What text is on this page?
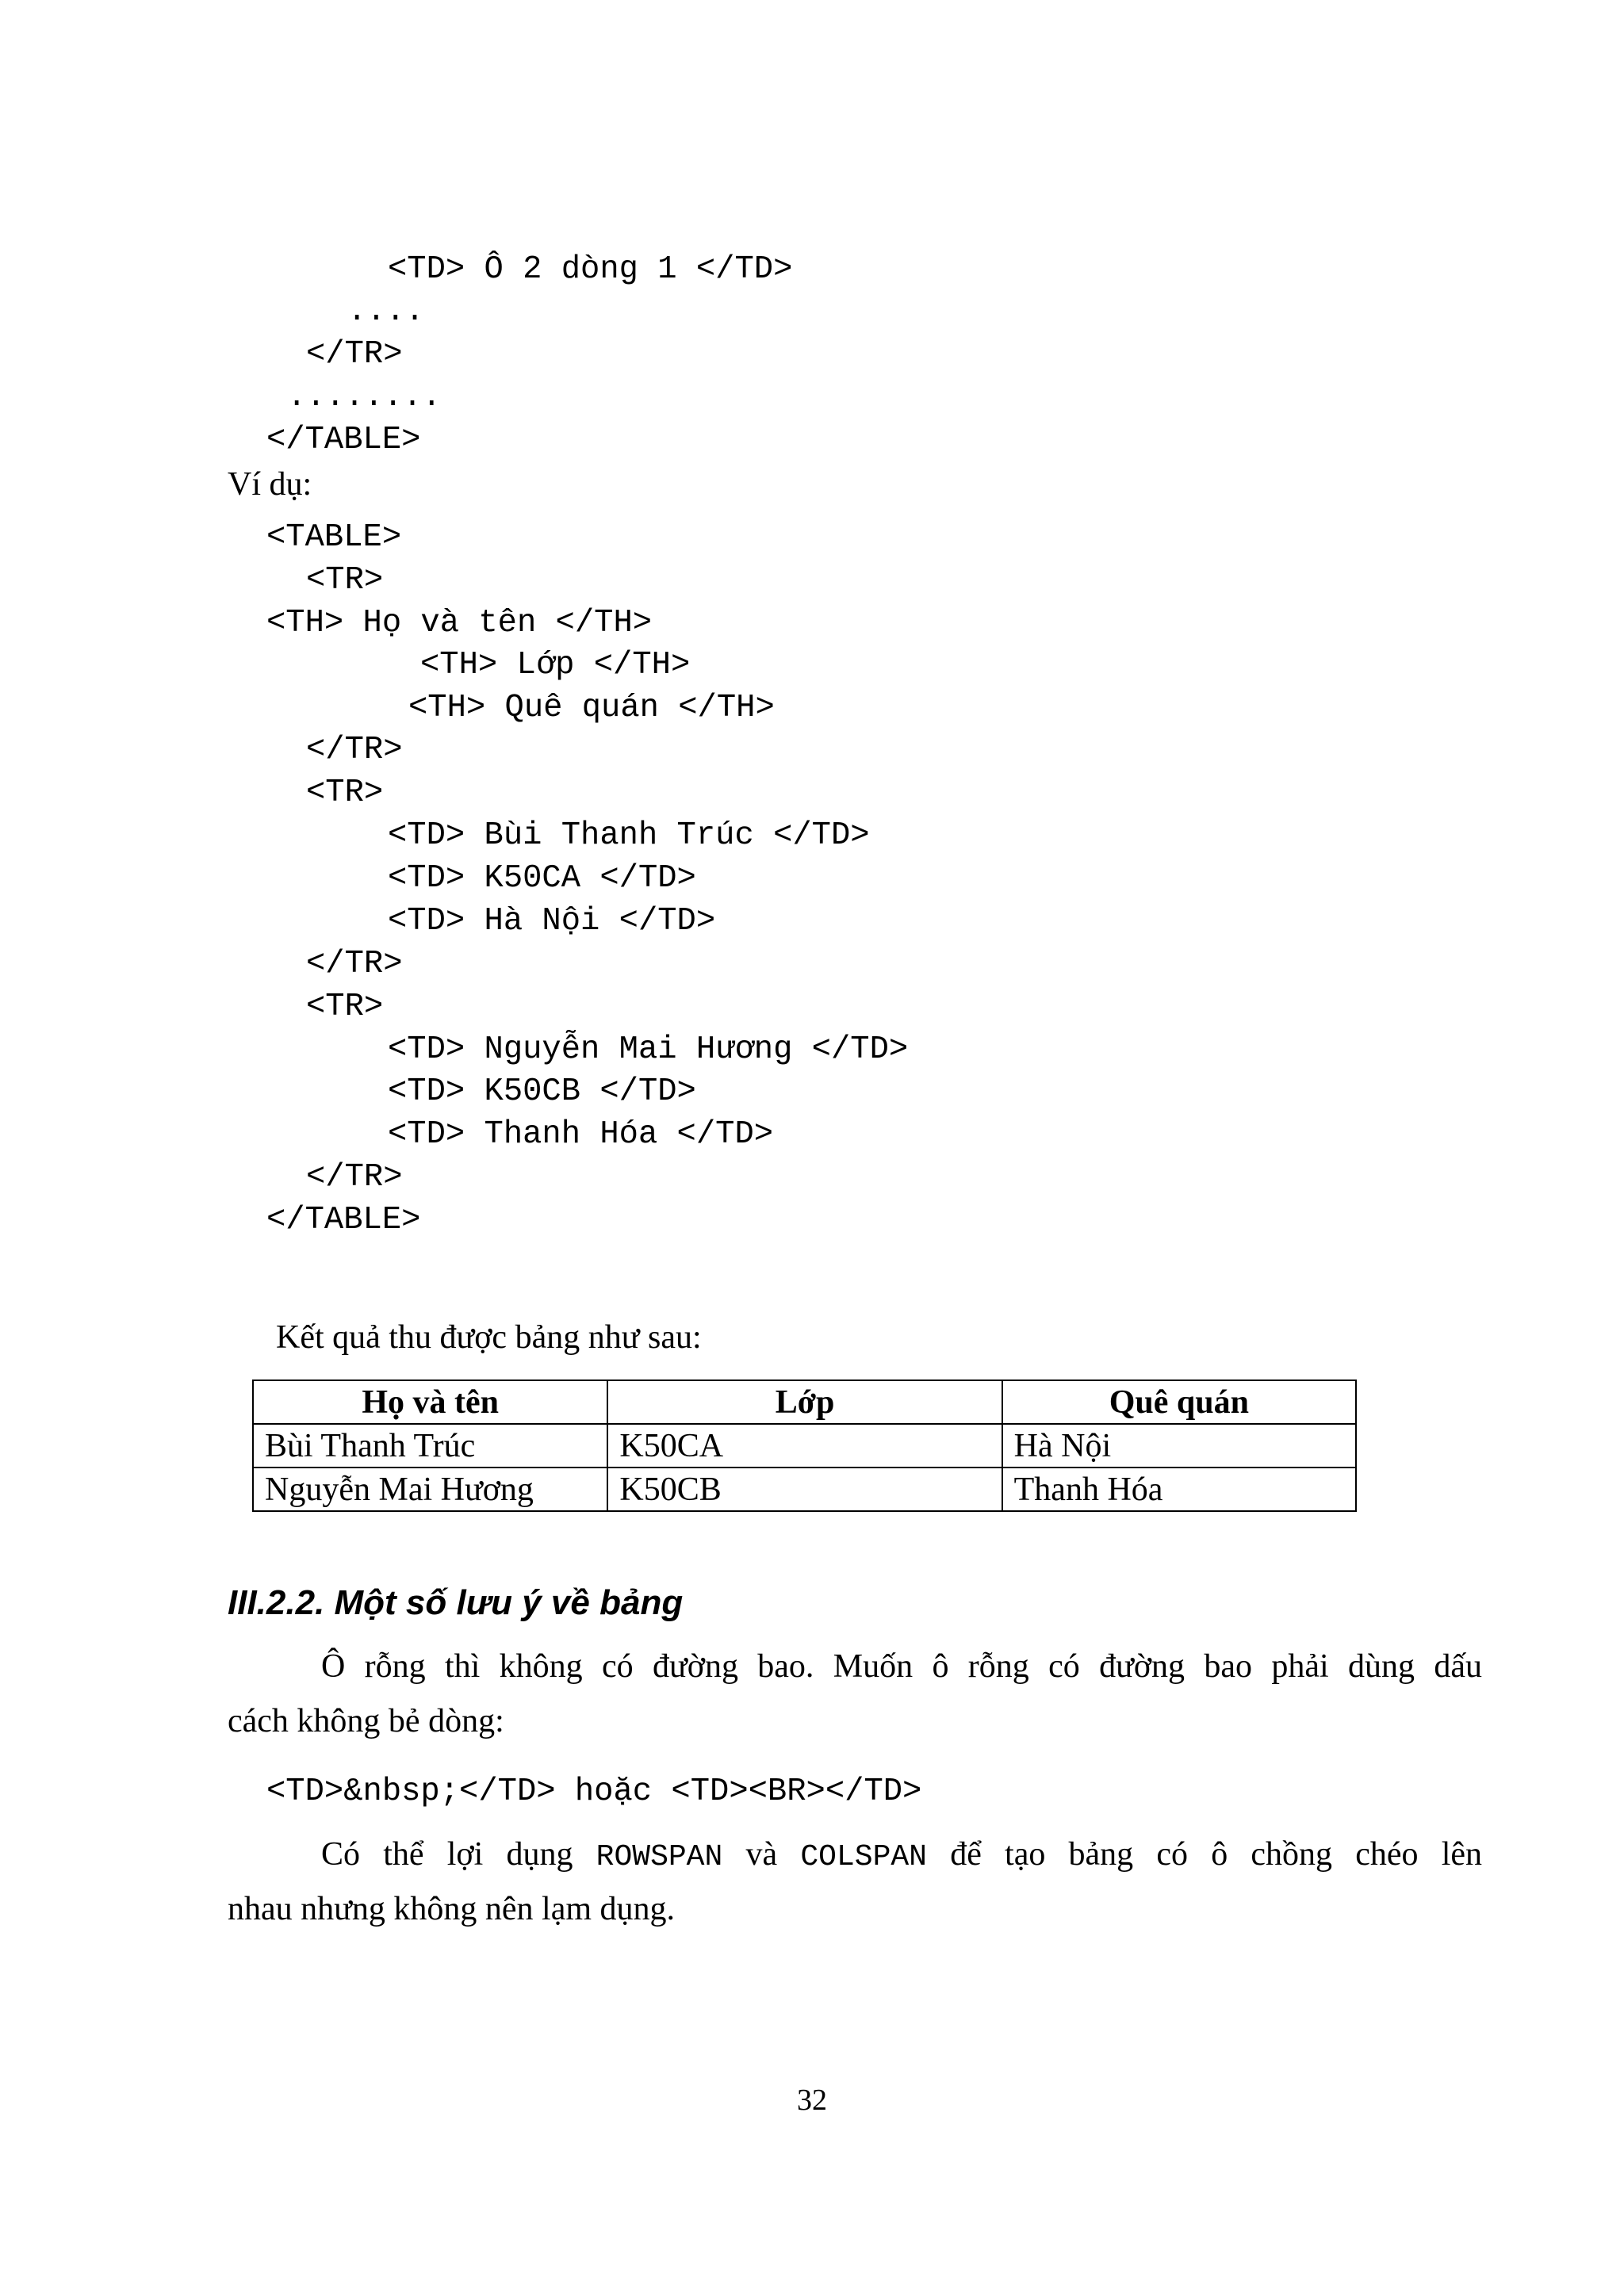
<TD> Ô 2 dòng 1 </TD>
....
</TR>
........
</TABLE>
Ví dụ:
<TABLE>
<TR>
<TH> Họ và tên </TH>
<TH> Lớp </TH>
<TH> Quê quán </TH>
</TR>
<TR>
<TD> Bùi Thanh Trúc </TD>
<TD> K50CA </TD>
<TD> Hà Nội </TD>
</TR>
<TR>
<TD> Nguyễn Mai Hương </TD>
<TD> K50CB </TD>
<TD> Thanh Hóa </TD>
</TR>
</TABLE>
Kết quả thu được bảng như sau:
Họ và tên	Lớp	Quê quán
Bùi Thanh Trúc	K50CA	Hà Nội
Nguyễn Mai Hương	K50CB	Thanh Hóa
III.2.2. Một số lưu ý về bảng
Ô rỗng thì không có đường bao. Muốn ô rỗng có đường bao phải dùng dấu
cách không bẻ dòng:
<TD>&nbsp;</TD> hoặc <TD><BR></TD>
Có thể lợi dụng ROWSPAN và COLSPAN để tạo bảng có ô chồng chéo lên
nhau nhưng không nên lạm dụng.
32
